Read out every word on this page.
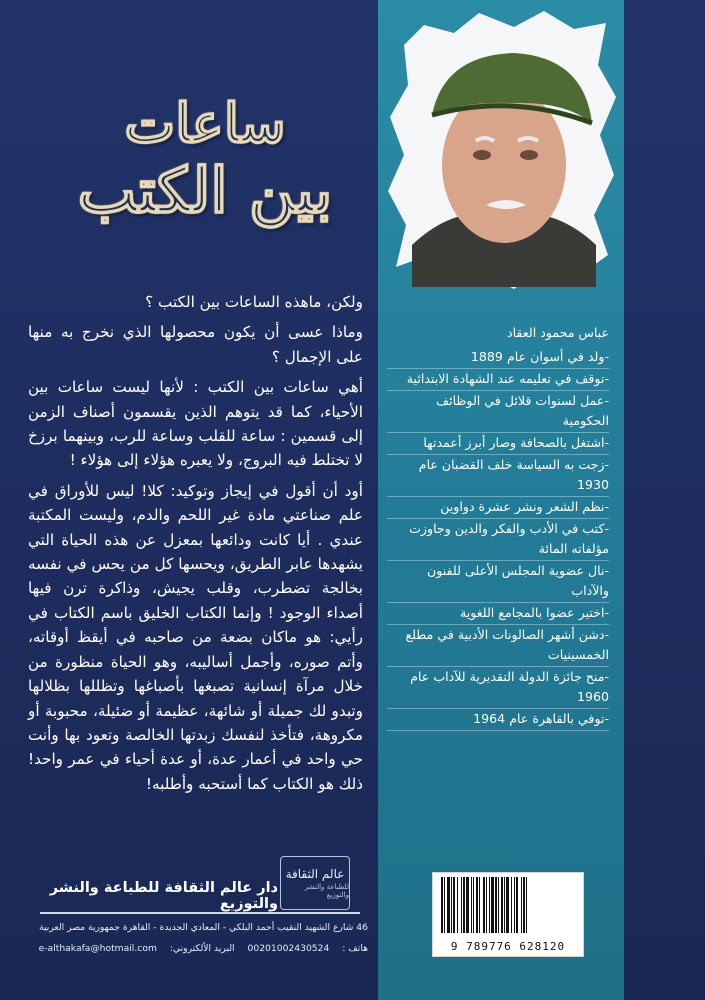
ساعات
بين الكتب

ولكن، ماهذه الساعات بين الكتب ؟

وماذا عسى أن يكون محصولها الذي نخرج به منها على الإجمال ؟

أهي ساعات بين الكتب : لأنها ليست ساعات بين الأحياء، كما قد يتوهم الذين يقسمون أصناف الزمن إلى قسمين : ساعة للقلب وساعة للرب، وبينهما برزخ لا تختلط فيه البروج، ولا يعبره هؤلاء إلى هؤلاء !

أود أن أقول في إيجاز وتوكيد: كلا! ليس للأوراق في علم صناعتي مادة غير اللحم والدم، وليست المكتبة عندي . أيا كانت ودائعها بمعزل عن هذه الحياة التي يشهدها عابر الطريق، ويحسها كل من يحس في نفسه بخالجة تضطرب، وقلب يجيش، وذاكرة ترن فيها أصداء الوجود ! وإنما الكتاب الخليق باسم الكتاب في رأيي: هو ماكان بضعة من صاحبه في أيقظ أوقاته، وأتم صوره، وأجمل أساليبه، وهو الحياة منظورة من خلال مرآة إنسانية تصبغها بأصباغها وتظللها بظلالها وتبدو لك جميلة أو شائهة، عظيمة أو ضئيلة، محبوبة أو مكروهة، فتأخذ لنفسك زبدتها الخالصة وتعود بها وأنت حي واحد في أعمار عدة، أو عدة أحياء في عمر واحد! ذلك هو الكتاب كما أستحبه وأطلبه!

عالم الثقافة
للطباعة والنشر والتوزيع
دار عالم الثقافة للطباعة والنشر والتوزيع
46 شارع الشهيد النقيب أحمد البلكي - المعادي الجديدة - القاهرة جمهورية مصر العربية
هاتف : 00201002430524 البريد الألكتروني: e-althakafa@hotmail.com
عباس محمود العقاد
-ولد في أسوان عام 1889
-توقف في تعليمه عند الشهادة الابتدائية
-عمل لسنوات قلائل في الوظائف الحكومية
-اشتغل بالصحافة وصار أبرز أعمدتها
-زجت به السياسة خلف القضبان عام 1930
-نظم الشعر ونشر عشرة دواوين
-كتب في الأدب والفكر والدين وجاوزت مؤلفاته المائة
-نال عضوية المجلس الأعلى للفنون والآداب
-اختير عضوا بالمجامع اللغوية
-دشن أشهر الصالونات الأدبية في مطلع الخمسينيات
-منح جائزة الدولة التقديرية للآداب عام 1960
-توفي بالقاهرة عام 1964
9 789776 628120
